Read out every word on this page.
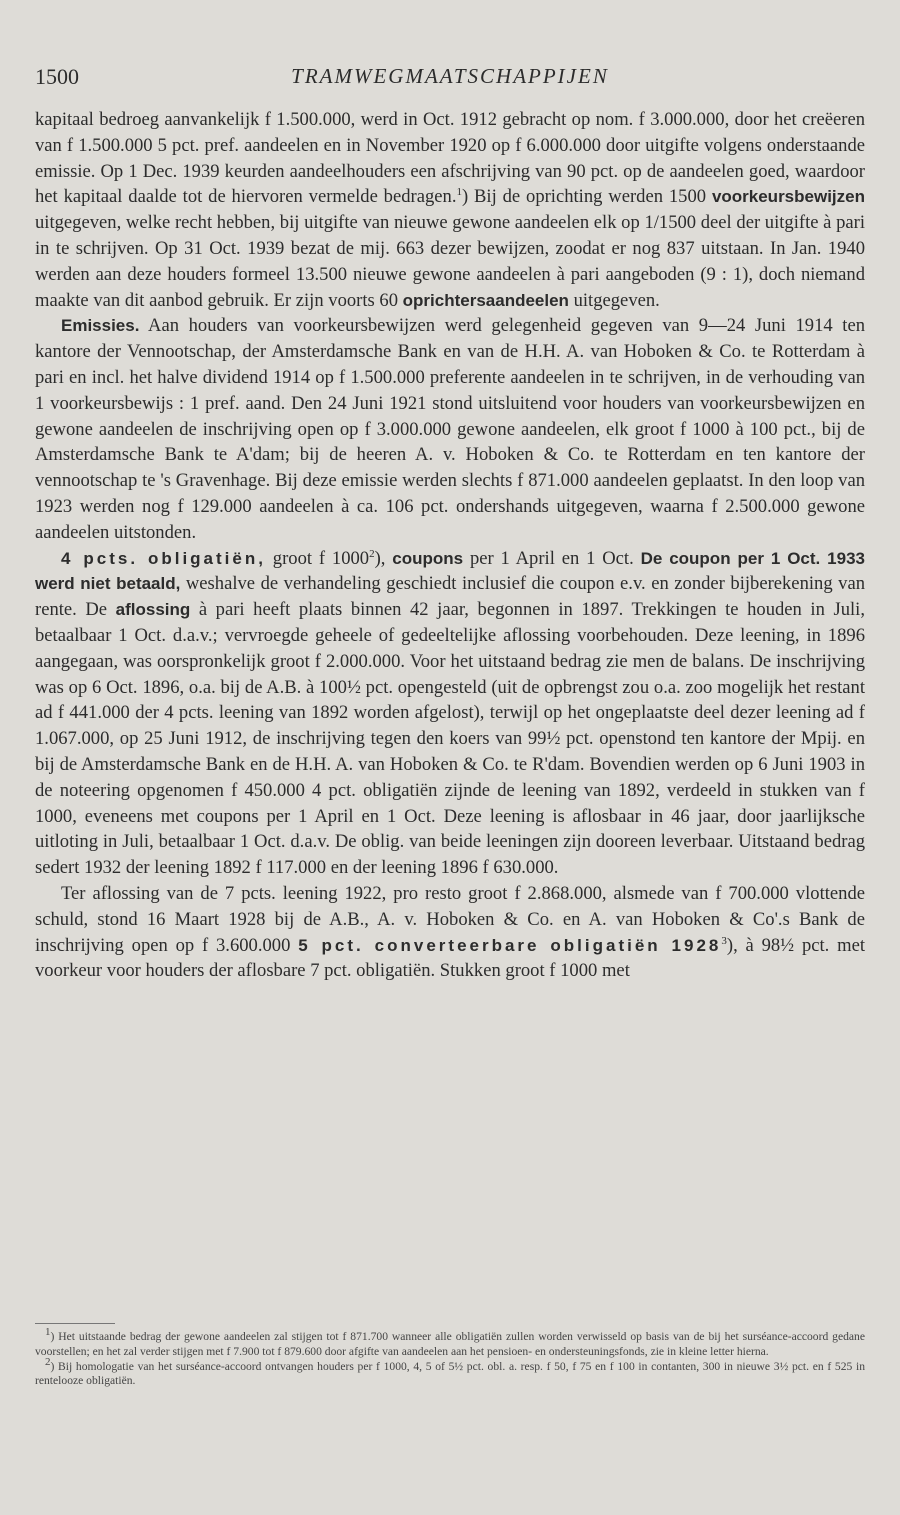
1500	TRAMWEGMAATSCHAPPIJEN

kapitaal bedroeg aanvankelijk f 1.500.000, werd in Oct. 1912 gebracht op nom. f 3.000.000, door het creëeren van f 1.500.000 5 pct. pref. aandeelen en in November 1920 op f 6.000.000 door uitgifte volgens onderstaande emissie. Op 1 Dec. 1939 keurden aandeelhouders een afschrijving van 90 pct. op de aandeelen goed, waardoor het kapitaal daalde tot de hiervoren vermelde bedragen.$^1$) Bij de oprichting werden 1500 voorkeursbewijzen uitgegeven, welke recht hebben, bij uitgifte van nieuwe gewone aandeelen elk op 1/1500 deel der uitgifte à pari in te schrijven. Op 31 Oct. 1939 bezat de mij. 663 dezer bewijzen, zoodat er nog 837 uitstaan. In Jan. 1940 werden aan deze houders formeel 13.500 nieuwe gewone aandeelen à pari aangeboden (9 : 1), doch niemand maakte van dit aanbod gebruik. Er zijn voorts 60 oprichtersaandeelen uitgegeven.

Emissies. Aan houders van voorkeursbewijzen werd gelegenheid gegeven van 9—24 Juni 1914 ten kantore der Vennootschap, der Amsterdamsche Bank en van de H.H. A. van Hoboken & Co. te Rotterdam à pari en incl. het halve dividend 1914 op f 1.500.000 preferente aandeelen in te schrijven, in de verhouding van 1 voorkeursbewijs : 1 pref. aand. Den 24 Juni 1921 stond uitsluitend voor houders van voorkeursbewijzen en gewone aandeelen de inschrijving open op f 3.000.000 gewone aandeelen, elk groot f 1000 à 100 pct., bij de Amsterdamsche Bank te A'dam; bij de heeren A. v. Hoboken & Co. te Rotterdam en ten kantore der vennootschap te 's Gravenhage. Bij deze emissie werden slechts f 871.000 aandeelen geplaatst. In den loop van 1923 werden nog f 129.000 aandeelen à ca. 106 pct. ondershands uitgegeven, waarna f 2.500.000 gewone aandeelen uitstonden.

4 pcts. obligatiën, groot f 1000$^2$), coupons per 1 April en 1 Oct. De coupon per 1 Oct. 1933 werd niet betaald, weshalve de verhandeling geschiedt inclusief die coupon e.v. en zonder bijberekening van rente. De aflossing à pari heeft plaats binnen 42 jaar, begonnen in 1897. Trekkingen te houden in Juli, betaalbaar 1 Oct. d.a.v.; vervroegde geheele of gedeeltelijke aflossing voorbehouden. Deze leening, in 1896 aangegaan, was oorspronkelijk groot f 2.000.000. Voor het uitstaand bedrag zie men de balans. De inschrijving was op 6 Oct. 1896, o.a. bij de A.B. à 100½ pct. opengesteld (uit de opbrengst zou o.a. zoo mogelijk het restant ad f 441.000 der 4 pcts. leening van 1892 worden afgelost), terwijl op het ongeplaatste deel dezer leening ad f 1.067.000, op 25 Juni 1912, de inschrijving tegen den koers van 99½ pct. openstond ten kantore der Mpij. en bij de Amsterdamsche Bank en de H.H. A. van Hoboken & Co. te R'dam. Bovendien werden op 6 Juni 1903 in de noteering opgenomen f 450.000 4 pct. obligatiën zijnde de leening van 1892, verdeeld in stukken van f 1000, eveneens met coupons per 1 April en 1 Oct. Deze leening is aflosbaar in 46 jaar, door jaarlijksche uitloting in Juli, betaalbaar 1 Oct. d.a.v. De oblig. van beide leeningen zijn dooreen leverbaar. Uitstaand bedrag sedert 1932 der leening 1892 f 117.000 en der leening 1896 f 630.000.

Ter aflossing van de 7 pcts. leening 1922, pro resto groot f 2.868.000, alsmede van f 700.000 vlottende schuld, stond 16 Maart 1928 bij de A.B., A. v. Hoboken & Co. en A. van Hoboken & Co'.s Bank de inschrijving open op f 3.600.000 5 pct. converteerbare obligatiën 1928$^3$), à 98½ pct. met voorkeur voor houders der aflosbare 7 pct. obligatiën. Stukken groot f 1000 met

$^1$) Het uitstaande bedrag der gewone aandeelen zal stijgen tot f 871.700 wanneer alle obligatiën zullen worden verwisseld op basis van de bij het surséance-accoord gedane voorstellen; en het zal verder stijgen met f 7.900 tot f 879.600 door afgifte van aandeelen aan het pensioen- en ondersteuningsfonds, zie in kleine letter hierna.

$^2$) Bij homologatie van het surséance-accoord ontvangen houders per f 1000, 4, 5 of 5½ pct. obl. a. resp. f 50, f 75 en f 100 in contanten, 300 in nieuwe 3½ pct. en f 525 in rentelooze obligatiën.
